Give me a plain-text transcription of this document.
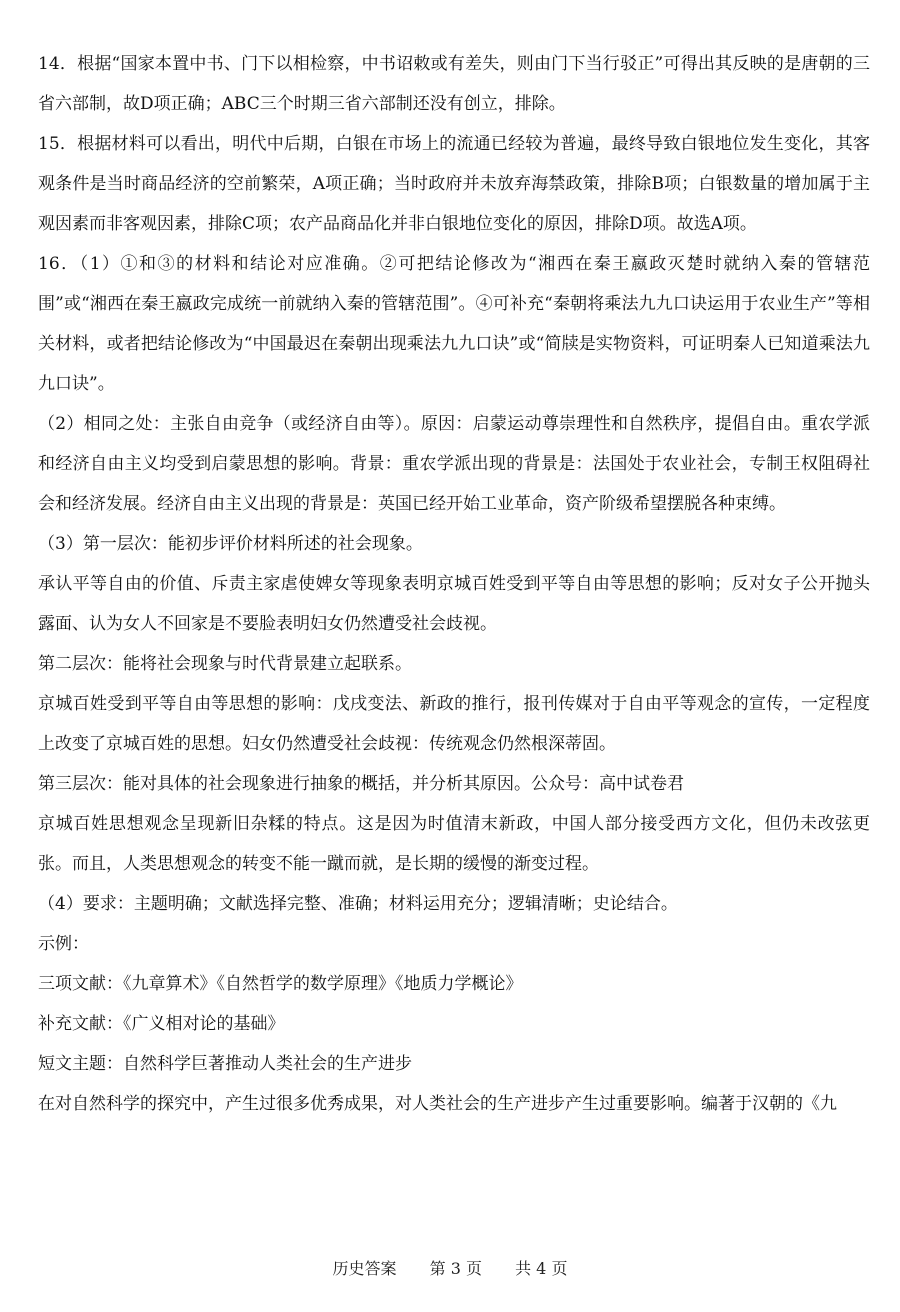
14．根据“国家本置中书、门下以相检察，中书诏敕或有差失，则由门下当行驳正”可得出其反映的是唐朝的三省六部制，故D项正确；ABC三个时期三省六部制还没有创立，排除。

15．根据材料可以看出，明代中后期，白银在市场上的流通已经较为普遍，最终导致白银地位发生变化，其客观条件是当时商品经济的空前繁荣，A项正确；当时政府并未放弃海禁政策，排除B项；白银数量的增加属于主观因素而非客观因素，排除C项；农产品商品化并非白银地位变化的原因，排除D项。故选A项。

16．（1）①和③的材料和结论对应准确。②可把结论修改为“湘西在秦王嬴政灭楚时就纳入秦的管辖范围”或“湘西在秦王嬴政完成统一前就纳入秦的管辖范围”。④可补充“秦朝将乘法九九口诀运用于农业生产”等相关材料，或者把结论修改为“中国最迟在秦朝出现乘法九九口诀”或“简牍是实物资料，可证明秦人已知道乘法九九口诀”。

（2）相同之处：主张自由竞争（或经济自由等）。原因：启蒙运动尊崇理性和自然秩序，提倡自由。重农学派和经济自由主义均受到启蒙思想的影响。背景：重农学派出现的背景是：法国处于农业社会，专制王权阻碍社会和经济发展。经济自由主义出现的背景是：英国已经开始工业革命，资产阶级希望摆脱各种束缚。

（3）第一层次：能初步评价材料所述的社会现象。

承认平等自由的价值、斥责主家虐使婢女等现象表明京城百姓受到平等自由等思想的影响；反对女子公开抛头露面、认为女人不回家是不要脸表明妇女仍然遭受社会歧视。

第二层次：能将社会现象与时代背景建立起联系。

京城百姓受到平等自由等思想的影响：戊戌变法、新政的推行，报刊传媒对于自由平等观念的宣传，一定程度上改变了京城百姓的思想。妇女仍然遭受社会歧视：传统观念仍然根深蒂固。

第三层次：能对具体的社会现象进行抽象的概括，并分析其原因。公众号：高中试卷君

京城百姓思想观念呈现新旧杂糅的特点。这是因为时值清末新政，中国人部分接受西方文化，但仍未改弦更张。而且，人类思想观念的转变不能一蹴而就，是长期的缓慢的渐变过程。

（4）要求：主题明确；文献选择完整、准确；材料运用充分；逻辑清晰；史论结合。

示例：

三项文献：《九章算术》《自然哲学的数学原理》《地质力学概论》

补充文献：《广义相对论的基础》

短文主题：自然科学巨著推动人类社会的生产进步

在对自然科学的探究中，产生过很多优秀成果，对人类社会的生产进步产生过重要影响。编著于汉朝的《九

历史答案 第 3 页 共 4 页
